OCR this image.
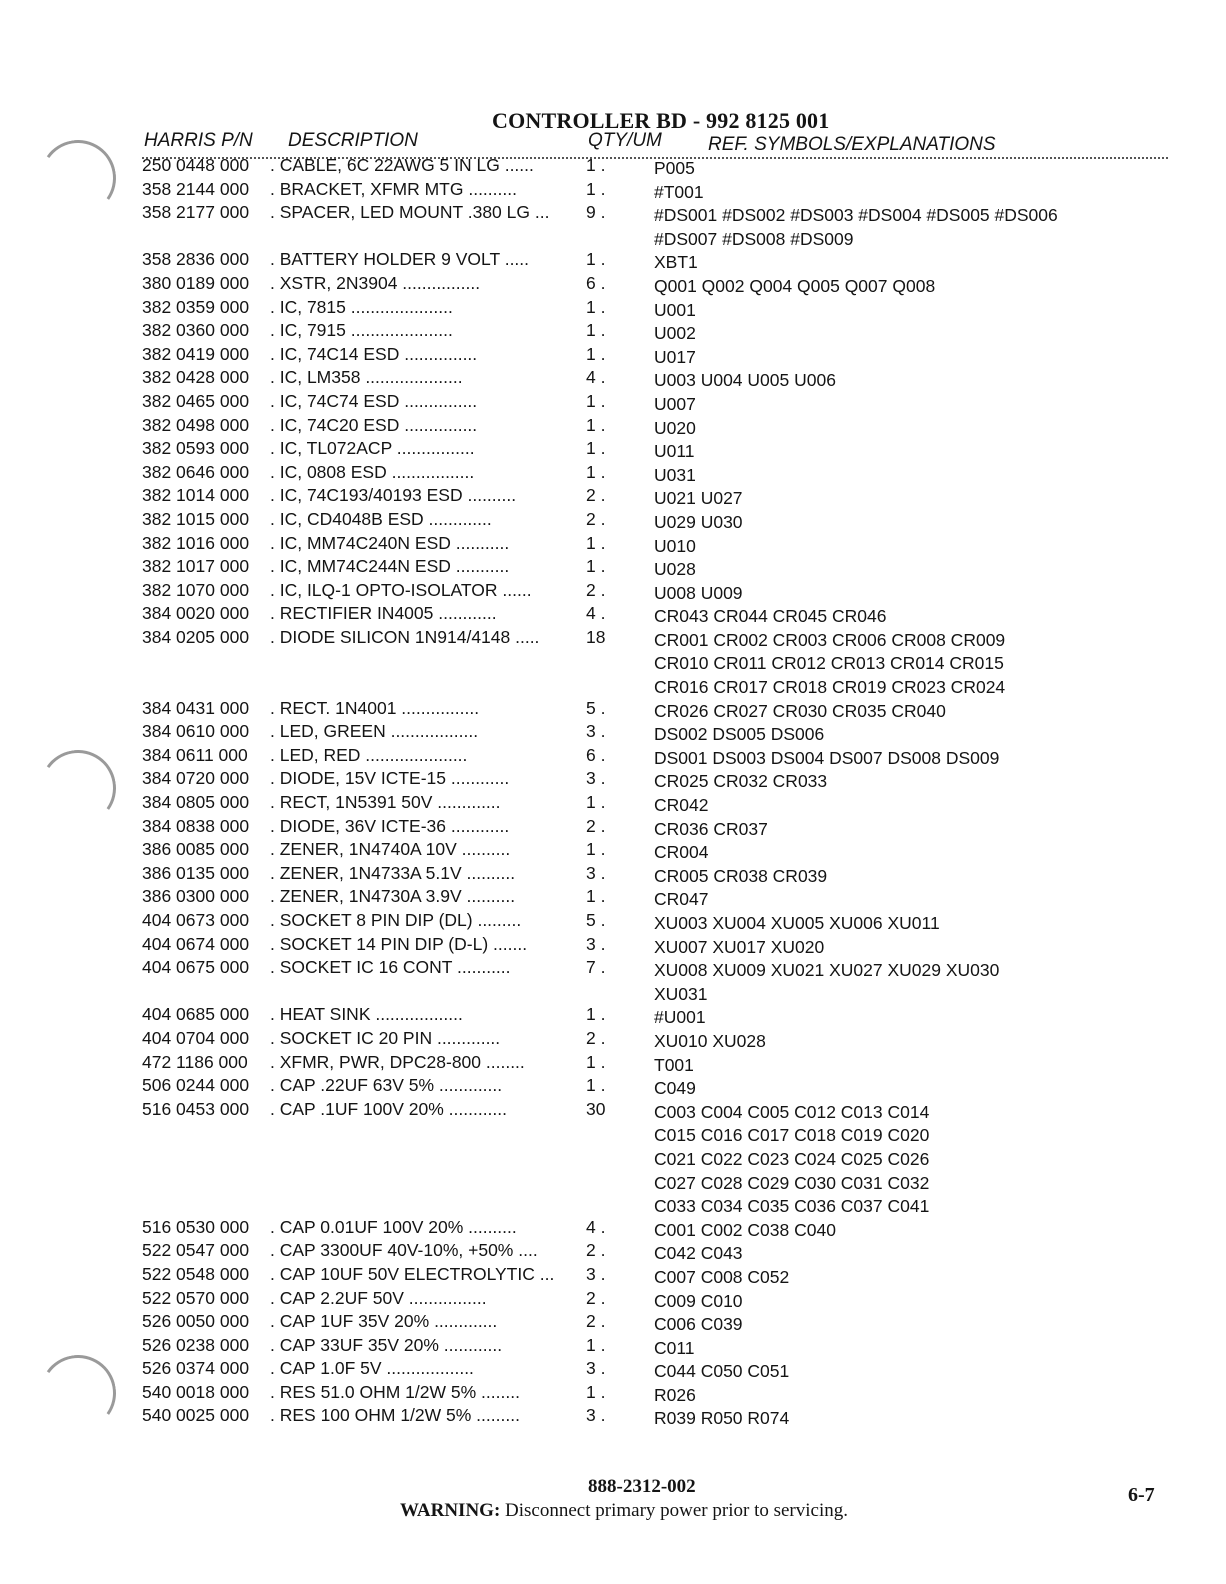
CONTROLLER BD - 992 8125 001
HARRIS P/N DESCRIPTION	QTY/UM REF. SYMBOLS/EXPLANATIONS
250 0448 000 . CABLE, 6C 22AWG 5 IN LG ......	1 .	P005
358 2144 000 . BRACKET, XFMR MTG ..........	1 .	#T001
358 2177 000 . SPACER, LED MOUNT .380 LG ... 9 .	#DS001 #DS002 #DS003 #DS004 #DS005 #DS006
#DS007 #DS008 #DS009
358 2836 000 . BATTERY HOLDER 9 VOLT .....	1 .	XBT1
380 0189 000 . XSTR, 2N3904 ................	6 .	Q001 Q002 Q004 Q005 Q007 Q008
382 0359 000 . IC, 7815 .....................	1 .	U001
382 0360 000 . IC, 7915 .....................	1 .	U002
382 0419 000 . IC, 74C14 ESD ...............	1 .	U017
382 0428 000 . IC, LM358 ....................	4 .	U003 U004 U005 U006
382 0465 000 . IC, 74C74 ESD ...............	1 .	U007
382 0498 000 . IC, 74C20 ESD ...............	1 .	U020
382 0593 000 . IC, TL072ACP ................	1 .	U011
382 0646 000 . IC, 0808 ESD .................	1 .	U031
382 1014 000 . IC, 74C193/40193 ESD ..........	2 .	U021 U027
382 1015 000 . IC, CD4048B ESD .............	2 .	U029 U030
382 1016 000 . IC, MM74C240N ESD ...........	1 .	U010
382 1017 000 . IC, MM74C244N ESD ...........	1 .	U028
382 1070 000 . IC, ILQ-1 OPTO-ISOLATOR ......	2 .	U008 U009
384 0020 000 . RECTIFIER IN4005 ............	4 .	CR043 CR044 CR045 CR046
384 0205 000 . DIODE SILICON 1N914/4148 .....	18	CR001 CR002 CR003 CR006 CR008 CR009
CR010 CR011 CR012 CR013 CR014 CR015
CR016 CR017 CR018 CR019 CR023 CR024
384 0431 000 . RECT. 1N4001 ................	5 .	CR026 CR027 CR030 CR035 CR040
384 0610 000 . LED, GREEN ..................	3 .	DS002 DS005 DS006
384 0611 000 . LED, RED .....................	6 .	DS001 DS003 DS004 DS007 DS008 DS009
384 0720 000 . DIODE, 15V ICTE-15 ............	3 .	CR025 CR032 CR033
384 0805 000 . RECT, 1N5391 50V .............	1 .	CR042
384 0838 000 . DIODE, 36V ICTE-36 ............	2 .	CR036 CR037
386 0085 000 . ZENER, 1N4740A 10V ..........	1 .	CR004
386 0135 000 . ZENER, 1N4733A 5.1V ..........	3 .	CR005 CR038 CR039
386 0300 000 . ZENER, 1N4730A 3.9V ..........	1 .	CR047
404 0673 000 . SOCKET 8 PIN DIP (DL) .........	5 .	XU003 XU004 XU005 XU006 XU011
404 0674 000 . SOCKET 14 PIN DIP (D-L) .......	3 .	XU007 XU017 XU020
404 0675 000 . SOCKET IC 16 CONT ...........	7 .	XU008 XU009 XU021 XU027 XU029 XU030
XU031
404 0685 000 . HEAT SINK ..................	1 .	#U001
404 0704 000 . SOCKET IC 20 PIN .............	2 .	XU010 XU028
472 1186 000 . XFMR, PWR, DPC28-800 ........	1 .	T001
506 0244 000 . CAP .22UF 63V 5% .............	1 .	C049
516 0453 000 . CAP .1UF 100V 20% ............	30	C003 C004 C005 C012 C013 C014
C015 C016 C017 C018 C019 C020
C021 C022 C023 C024 C025 C026
C027 C028 C029 C030 C031 C032
C033 C034 C035 C036 C037 C041
516 0530 000 . CAP 0.01UF 100V 20% ..........	4 .	C001 C002 C038 C040
522 0547 000 . CAP 3300UF 40V-10%, +50% ....	2 .	C042 C043
522 0548 000 . CAP 10UF 50V ELECTROLYTIC ... 3 .	C007 C008 C052
522 0570 000 . CAP 2.2UF 50V ................	2 .	C009 C010
526 0050 000 . CAP 1UF 35V 20% .............	2 .	C006 C039
526 0238 000 . CAP 33UF 35V 20% ............	1 .	C011
526 0374 000 . CAP 1.0F 5V ..................	3 .	C044 C050 C051
540 0018 000 . RES 51.0 OHM 1/2W 5% ........	1 .	R026
540 0025 000 . RES 100 OHM 1/2W 5% .........	3 .	R039 R050 R074
888-2312-002
WARNING: Disconnect primary power prior to servicing.
6-7
